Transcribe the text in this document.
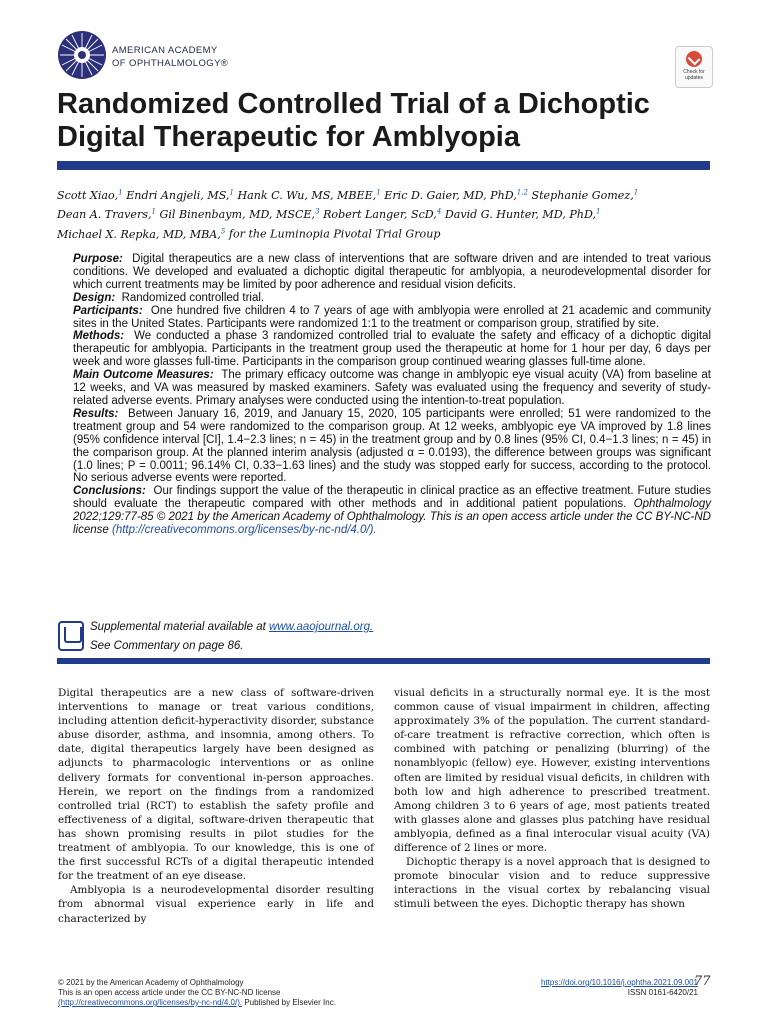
AMERICAN ACADEMY
OF OPHTHALMOLOGY®
Check for updates
Randomized Controlled Trial of a Dichoptic Digital Therapeutic for Amblyopia
Scott Xiao,$^1$ Endri Angjeli, MS,$^1$ Hank C. Wu, MS, MBEE,$^1$ Eric D. Gaier, MD, PhD,$^{1,2}$ Stephanie Gomez,$^1$
Dean A. Travers,$^1$ Gil Binenbaym, MD, MSCE,$^3$ Robert Langer, ScD,$^4$ David G. Hunter, MD, PhD,$^1$
Michael X. Repka, MD, MBA,$^5$ for the Luminopia Pivotal Trial Group

Purpose: Digital therapeutics are a new class of interventions that are software driven and are intended to treat various conditions. We developed and evaluated a dichoptic digital therapeutic for amblyopia, a neurodevelopmental disorder for which current treatments may be limited by poor adherence and residual vision deficits.

Design: Randomized controlled trial.

Participants: One hundred five children 4 to 7 years of age with amblyopia were enrolled at 21 academic and community sites in the United States. Participants were randomized 1:1 to the treatment or comparison group, stratified by site.

Methods: We conducted a phase 3 randomized controlled trial to evaluate the safety and efficacy of a dichoptic digital therapeutic for amblyopia. Participants in the treatment group used the therapeutic at home for 1 hour per day, 6 days per week and wore glasses full-time. Participants in the comparison group continued wearing glasses full-time alone.

Main Outcome Measures: The primary efficacy outcome was change in amblyopic eye visual acuity (VA) from baseline at 12 weeks, and VA was measured by masked examiners. Safety was evaluated using the frequency and severity of study-related adverse events. Primary analyses were conducted using the intention-to-treat population.

Results: Between January 16, 2019, and January 15, 2020, 105 participants were enrolled; 51 were randomized to the treatment group and 54 were randomized to the comparison group. At 12 weeks, amblyopic eye VA improved by 1.8 lines (95% confidence interval [CI], 1.4−2.3 lines; n = 45) in the treatment group and by 0.8 lines (95% CI, 0.4−1.3 lines; n = 45) in the comparison group. At the planned interim analysis (adjusted α = 0.0193), the difference between groups was significant (1.0 lines; P = 0.0011; 96.14% CI, 0.33−1.63 lines) and the study was stopped early for success, according to the protocol. No serious adverse events were reported.

Conclusions: Our findings support the value of the therapeutic in clinical practice as an effective treatment. Future studies should evaluate the therapeutic compared with other methods and in additional patient populations. Ophthalmology 2022;129:77-85 © 2021 by the American Academy of Ophthalmology. This is an open access article under the CC BY-NC-ND license (http://creativecommons.org/licenses/by-nc-nd/4.0/).

Supplemental material available at www.aaojournal.org.
See Commentary on page 86.

Digital therapeutics are a new class of software-driven interventions to manage or treat various conditions, including attention deficit-hyperactivity disorder, substance abuse disorder, asthma, and insomnia, among others. To date, digital therapeutics largely have been designed as adjuncts to pharmacologic interventions or as online delivery formats for conventional in-person approaches. Herein, we report on the findings from a randomized controlled trial (RCT) to establish the safety profile and effectiveness of a digital, software-driven therapeutic that has shown promising results in pilot studies for the treatment of amblyopia. To our knowledge, this is one of the first successful RCTs of a digital therapeutic intended for the treatment of an eye disease.

Amblyopia is a neurodevelopmental disorder resulting from abnormal visual experience early in life and characterized by

visual deficits in a structurally normal eye. It is the most common cause of visual impairment in children, affecting approximately 3% of the population. The current standard-of-care treatment is refractive correction, which often is combined with patching or penalizing (blurring) of the nonamblyopic (fellow) eye. However, existing interventions often are limited by residual visual deficits, in children with both low and high adherence to prescribed treatment. Among children 3 to 6 years of age, most patients treated with glasses alone and glasses plus patching have residual amblyopia, defined as a final interocular visual acuity (VA) difference of 2 lines or more.

Dichoptic therapy is a novel approach that is designed to promote binocular vision and to reduce suppressive interactions in the visual cortex by rebalancing visual stimuli between the eyes. Dichoptic therapy has shown

© 2021 by the American Academy of Ophthalmology
This is an open access article under the CC BY-NC-ND license
(http://creativecommons.org/licenses/by-nc-nd/4.0/). Published by Elsevier Inc.
https://doi.org/10.1016/j.ophtha.2021.09.001
ISSN 0161-6420/21
77
